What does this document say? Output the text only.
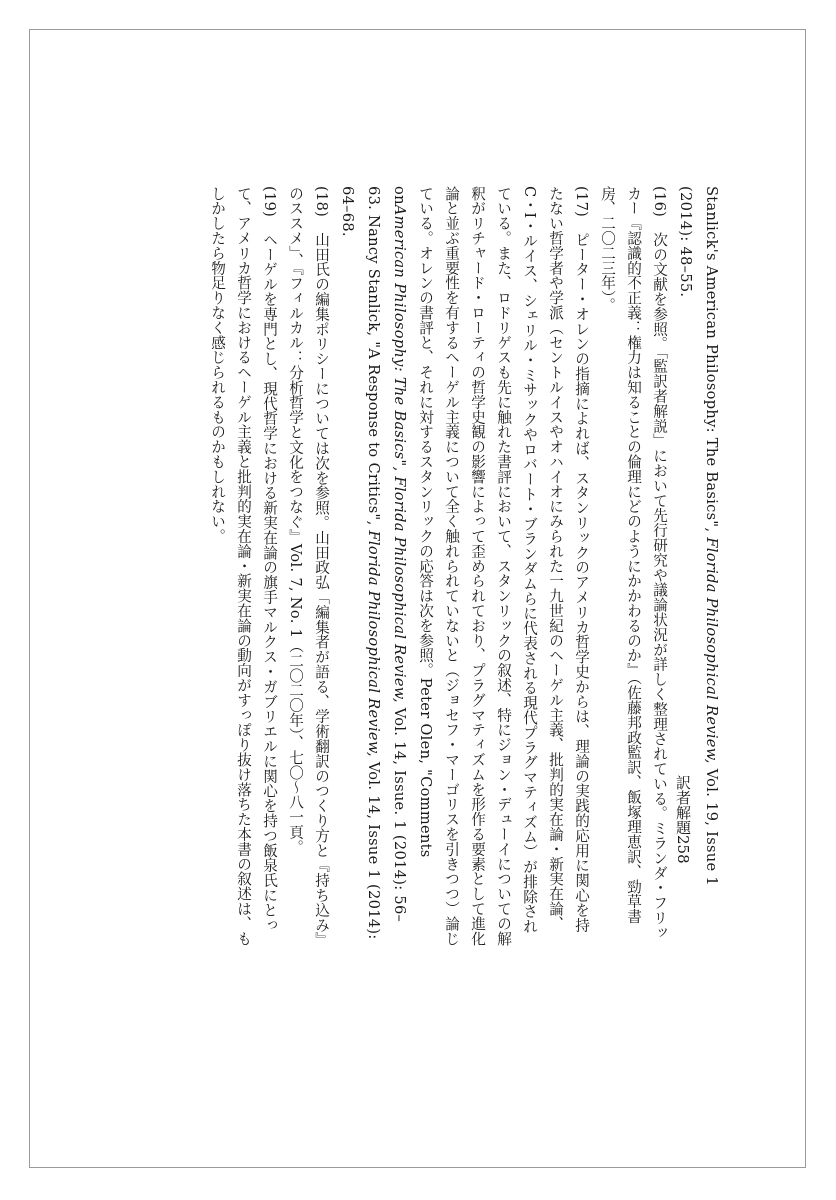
Stanlick's American Philosophy: The Basics", Florida Philosophical Review, Vol. 19, Issue 1 (2014): 48–55.

(16)　次の文献を参照。「監訳者解説」において先行研究や議論状況が詳しく整理されている。ミランダ・フリッカー『認識的不正義：権力は知ることの倫理にどのようにかかわるのか』（佐藤邦政監訳、飯塚理恵訳、勁草書房、二〇二三年）。

(17)　ピーター・オレンの指摘によれば、スタンリックのアメリカ哲学史からは、理論の実践的応用に関心を持たない哲学者や学派（セントルイスやオハイオにみられた一九世紀のヘーゲル主義、批判的実在論・新実在論、C・I・ルイス、シェリル・ミサックやロバート・ブランダムらに代表される現代プラグマティズム）が排除されている。また、ロドリゲスも先に触れた書評において、スタンリックの叙述、特にジョン・デューイについての解釈がリチャード・ローティの哲学史観の影響によって歪められており、プラグマティズムを形作る要素として進化論と並ぶ重要性を有するヘーゲル主義について全く触れられていないと（ジョセフ・マーゴリスを引きつつ）論じている。オレンの書評と、それに対するスタンリックの応答は次を参照。Peter Olen, "Comments onAmerican Philosophy: The Basics", Florida Philosophical Review, Vol. 14, Issue. 1 (2014): 56–63. Nancy Stanlick, "A Response to Critics", Florida Philosophical Review, Vol. 14, Issue 1 (2014): 64–68.

(18)　山田氏の編集ポリシーについては次を参照。山田政弘「編集者が語る、学術翻訳のつくり方と『持ち込み』のススメ」、『フィルカル：分析哲学と文化をつなぐ』Vol. 7, No. 1（二〇二〇年）、七〇～八一頁。

(19)　ヘーゲルを専門とし、現代哲学における新実在論の旗手マルクス・ガブリエルに関心を持つ飯泉氏にとって、アメリカ哲学におけるヘーゲル主義と批判的実在論・新実在論の動向がすっぽり抜け落ちた本書の叙述は、もしかしたら物足りなく感じられるものかもしれない。

訳者解題258
